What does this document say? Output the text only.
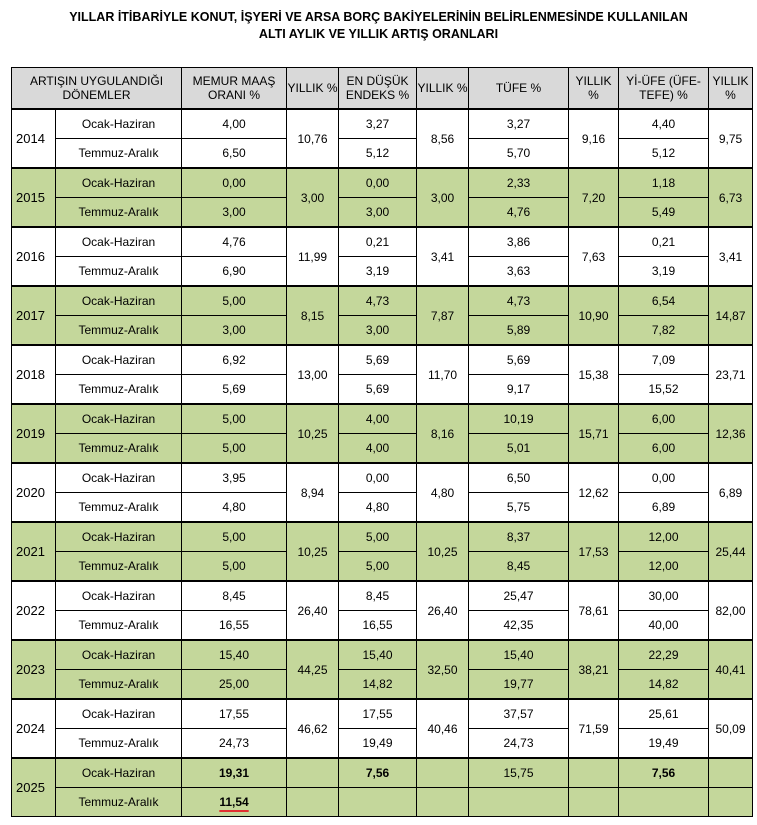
YILLAR İTİBARİYLE KONUT, İŞYERİ VE ARSA BORÇ BAKİYELERİNİN BELİRLENMESİNDE KULLANILAN
ALTI AYLIK VE YILLIK ARTIŞ ORANLARI
ARTIŞIN UYGULANDIĞI DÖNEMLER		MEMUR MAAŞ ORANI %	YILLIK %	EN DÜŞÜK ENDEKS %	YILLIK %	TÜFE %	YILLIK %	Yİ-ÜFE (ÜFE-TEFE) %	YILLIK %
2014	Ocak-Haziran	4,00	10,76	3,27	8,56	3,27	9,16	4,40	9,75
	Temmuz-Aralık	6,50		5,12		5,70		5,12	
2015	Ocak-Haziran	0,00	3,00	0,00	3,00	2,33	7,20	1,18	6,73
	Temmuz-Aralık	3,00		3,00		4,76		5,49	
2016	Ocak-Haziran	4,76	11,99	0,21	3,41	3,86	7,63	0,21	3,41
	Temmuz-Aralık	6,90		3,19		3,63		3,19	
2017	Ocak-Haziran	5,00	8,15	4,73	7,87	4,73	10,90	6,54	14,87
	Temmuz-Aralık	3,00		3,00		5,89		7,82	
2018	Ocak-Haziran	6,92	13,00	5,69	11,70	5,69	15,38	7,09	23,71
	Temmuz-Aralık	5,69		5,69		9,17		15,52	
2019	Ocak-Haziran	5,00	10,25	4,00	8,16	10,19	15,71	6,00	12,36
	Temmuz-Aralık	5,00		4,00		5,01		6,00	
2020	Ocak-Haziran	3,95	8,94	0,00	4,80	6,50	12,62	0,00	6,89
	Temmuz-Aralık	4,80		4,80		5,75		6,89	
2021	Ocak-Haziran	5,00	10,25	5,00	10,25	8,37	17,53	12,00	25,44
	Temmuz-Aralık	5,00		5,00		8,45		12,00	
2022	Ocak-Haziran	8,45	26,40	8,45	26,40	25,47	78,61	30,00	82,00
	Temmuz-Aralık	16,55		16,55		42,35		40,00	
2023	Ocak-Haziran	15,40	44,25	15,40	32,50	15,40	38,21	22,29	40,41
	Temmuz-Aralık	25,00		14,82		19,77		14,82	
2024	Ocak-Haziran	17,55	46,62	17,55	40,46	37,57	71,59	25,61	50,09
	Temmuz-Aralık	24,73		19,49		24,73		19,49	
2025	Ocak-Haziran	19,31		7,56		15,75		7,56	
	Temmuz-Aralık	11,54							
